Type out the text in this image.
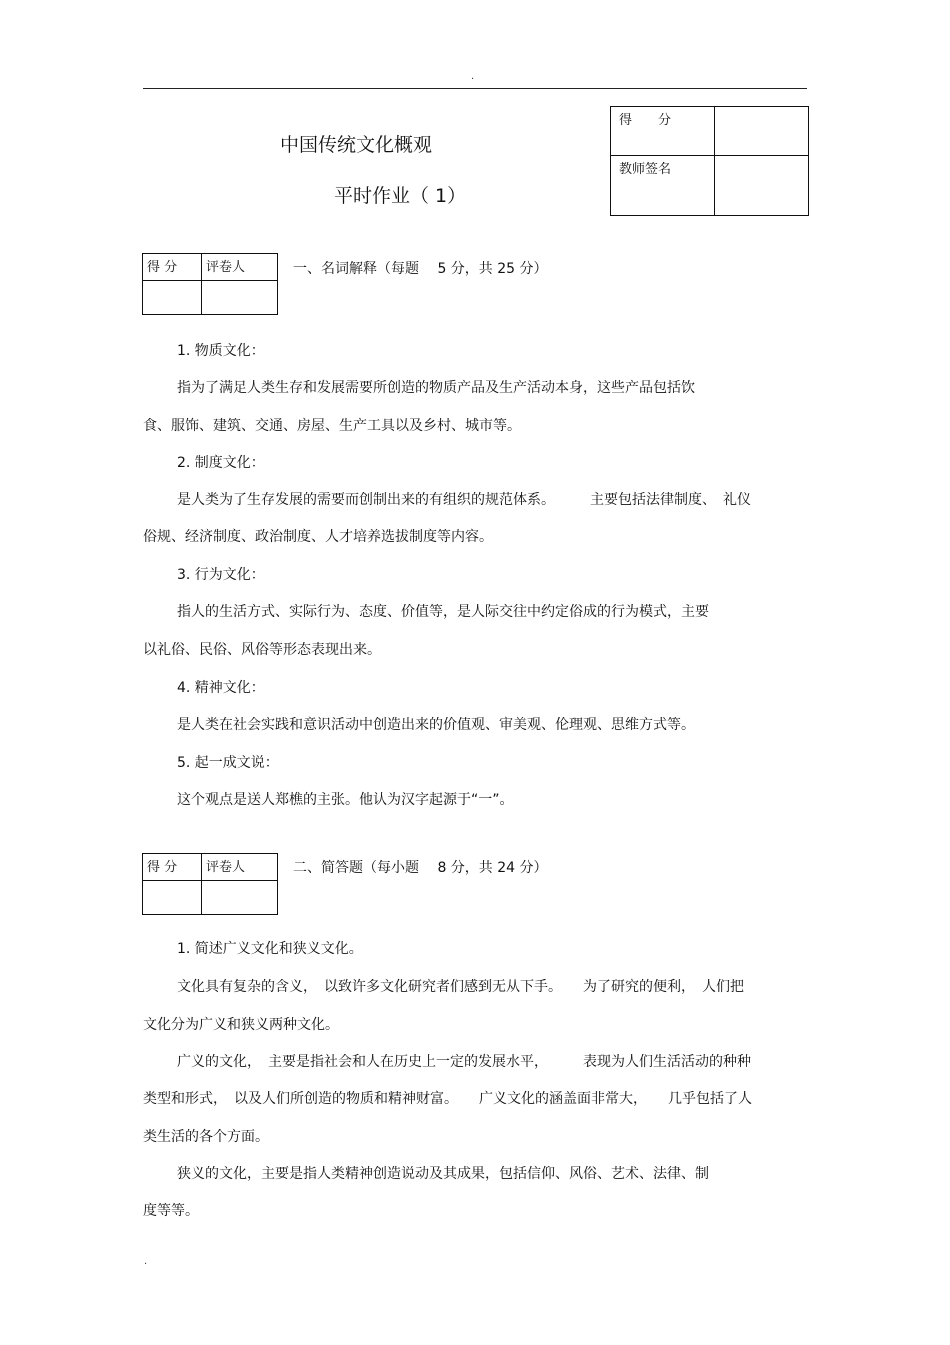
·
得　　分	
教师签名	
中国传统文化概观
平时作业（ 1）
得 分	评卷人
		一、名词解释（每题　 5 分，共 25 分）
1. 物质文化：
指为了满足人类生存和发展需要所创造的物质产品及生产活动本身，这些产品包括饮
食、服饰、建筑、交通、房屋、生产工具以及乡村、城市等。
2. 制度文化：
是人类为了生存发展的需要而创制出来的有组织的规范体系。　　　主要包括法律制度、　礼仪
俗规、经济制度、政治制度、人才培养选拔制度等内容。
3. 行为文化：
指人的生活方式、实际行为、态度、价值等，是人际交往中约定俗成的行为模式，主要
以礼俗、民俗、风俗等形态表现出来。
4. 精神文化：
是人类在社会实践和意识活动中创造出来的价值观、审美观、伦理观、思维方式等。
5. 起一成文说：
这个观点是送人郑樵的主张。他认为汉字起源于“一”。
得 分	评卷人
		二、简答题（每小题　 8 分，共 24 分）
1. 简述广义文化和狭义文化。
文化具有复杂的含义，　以致许多文化研究者们感到无从下手。　　为了研究的便利，　人们把
文化分为广义和狭义两种文化。
广义的文化，　主要是指社会和人在历史上一定的发展水平，　　　表现为人们生活活动的种种
类型和形式，　以及人们所创造的物质和精神财富。　　广义文化的涵盖面非常大，　　几乎包括了人
类生活的各个方面。
狭义的文化，主要是指人类精神创造说动及其成果，包括信仰、风俗、艺术、法律、制
度等等。
.
